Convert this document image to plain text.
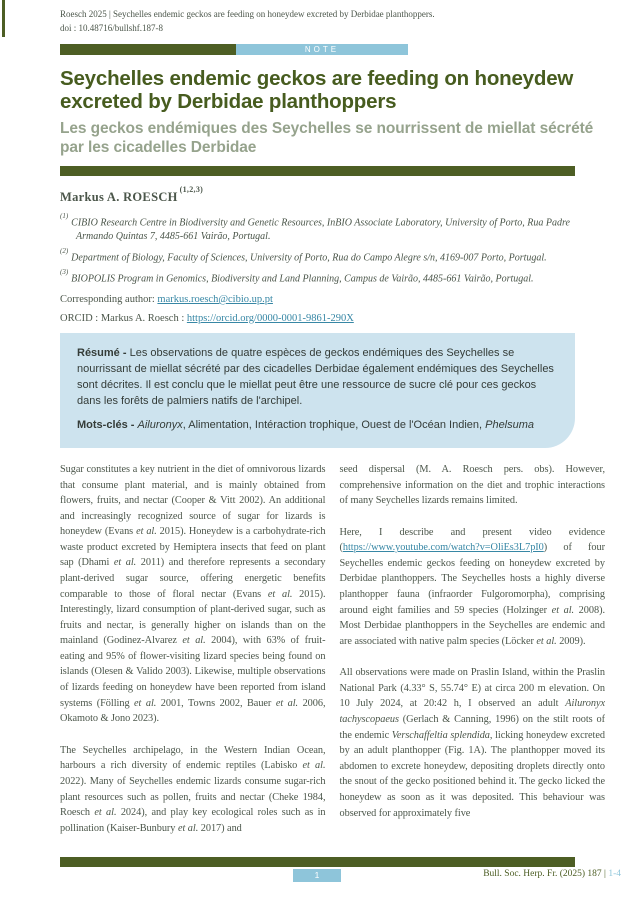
Roesch 2025 | Seychelles endemic geckos are feeding on honeydew excreted by Derbidae planthoppers.
doi : 10.48716/bullshf.187-8
NOTE
Seychelles endemic geckos are feeding on honeydew excreted by Derbidae planthoppers
Les geckos endémiques des Seychelles se nourrissent de miellat sécrété par les cicadelles Derbidae
Markus A. ROESCH$^{(1,2,3)}$
$^{(1)}$CIBIO Research Centre in Biodiversity and Genetic Resources, InBIO Associate Laboratory, University of Porto, Rua Padre Armando Quintas 7, 4485-661 Vairão, Portugal.
$^{(2)}$Department of Biology, Faculty of Sciences, University of Porto, Rua do Campo Alegre s/n, 4169-007 Porto, Portugal.
$^{(3)}$BIOPOLIS Program in Genomics, Biodiversity and Land Planning, Campus de Vairão, 4485-661 Vairão, Portugal.
Corresponding author: markus.roesch@cibio.up.pt
ORCID : Markus A. Roesch : https://orcid.org/0000-0001-9861-290X

Résumé - Les observations de quatre espèces de geckos endémiques des Seychelles se nourrissant de miellat sécrété par des cicadelles Derbidae également endémiques des Seychelles sont décrites. Il est conclu que le miellat peut être une ressource de sucre clé pour ces geckos dans les forêts de palmiers natifs de l'archipel.

Mots-clés - Ailuronyx, Alimentation, Intéraction trophique, Ouest de l'Océan Indien, Phelsuma

Sugar constitutes a key nutrient in the diet of omnivorous lizards that consume plant material, and is mainly obtained from flowers, fruits, and nectar (Cooper & Vitt 2002). An additional and increasingly recognized source of sugar for lizards is honeydew (Evans et al. 2015). Honeydew is a carbohydrate-rich waste product excreted by Hemiptera insects that feed on plant sap (Dhami et al. 2011) and therefore represents a secondary plant-derived sugar source, offering energetic benefits comparable to those of floral nectar (Evans et al. 2015). Interestingly, lizard consumption of plant-derived sugar, such as fruits and nectar, is generally higher on islands than on the mainland (Godinez-Alvarez et al. 2004), with 63% of fruit-eating and 95% of flower-visiting lizard species being found on islands (Olesen & Valido 2003). Likewise, multiple observations of lizards feeding on honeydew have been reported from island systems (Fölling et al. 2001, Towns 2002, Bauer et al. 2006, Okamoto & Jono 2023).

The Seychelles archipelago, in the Western Indian Ocean, harbours a rich diversity of endemic reptiles (Labisko et al. 2022). Many of Seychelles endemic lizards consume sugar-rich plant resources such as pollen, fruits and nectar (Cheke 1984, Roesch et al. 2024), and play key ecological roles such as in pollination (Kaiser-Bunbury et al. 2017) and

seed dispersal (M. A. Roesch pers. obs). However, comprehensive information on the diet and trophic interactions of many Seychelles lizards remains limited.

Here, I describe and present video evidence (https://www.youtube.com/watch?v=OliEs3L7pI0) of four Seychelles endemic geckos feeding on honeydew excreted by Derbidae planthoppers. The Seychelles hosts a highly diverse planthopper fauna (infraorder Fulgoromorpha), comprising around eight families and 59 species (Holzinger et al. 2008). Most Derbidae planthoppers in the Seychelles are endemic and are associated with native palm species (Löcker et al. 2009).

All observations were made on Praslin Island, within the Praslin National Park (4.33° S, 55.74° E) at circa 200 m elevation. On 10 July 2024, at 20:42 h, I observed an adult Ailuronyx tachyscopaeus (Gerlach & Canning, 1996) on the stilt roots of the endemic Verschaffeltia splendida, licking honeydew excreted by an adult planthopper (Fig. 1A). The planthopper moved its abdomen to excrete honeydew, depositing droplets directly onto the snout of the gecko positioned behind it. The gecko licked the honeydew as soon as it was deposited. This behaviour was observed for approximately five

1	Bull. Soc. Herp. Fr. (2025) 187 | 1-4
